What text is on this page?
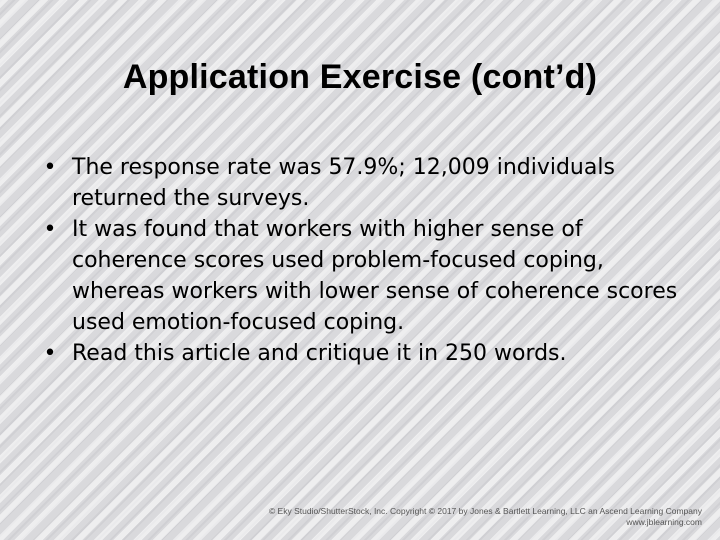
Application Exercise (cont’d)
• The response rate was 57.9%; 12,009 individuals returned the surveys.
• It was found that workers with higher sense of coherence scores used problem-focused coping, whereas workers with lower sense of coherence scores used emotion-focused coping.
• Read this article and critique it in 250 words.
© Eky Studio/ShutterStock, Inc. Copyright © 2017 by Jones & Bartlett Learning, LLC an Ascend Learning Company
www.jblearning.com
